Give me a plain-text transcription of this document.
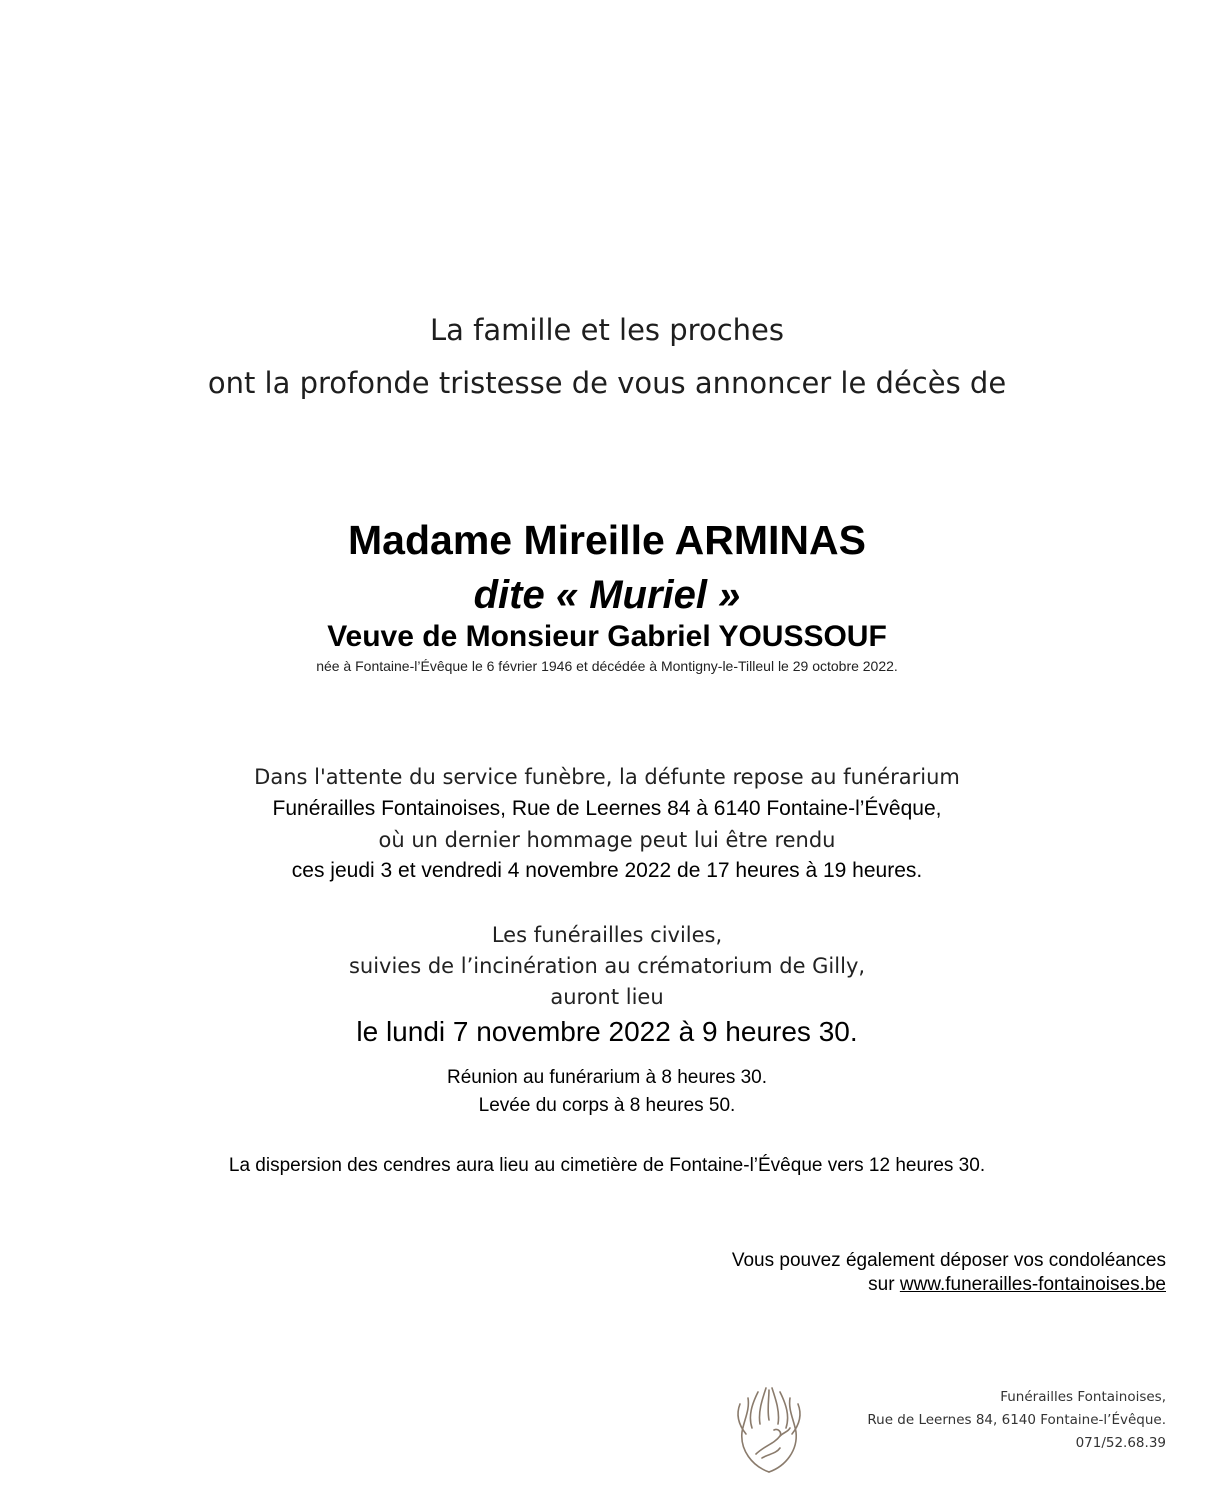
La famille et les proches
ont la profonde tristesse de vous annoncer le décès de
Madame Mireille ARMINAS
dite « Muriel »
Veuve de Monsieur Gabriel YOUSSOUF
née à Fontaine-l’Évêque le 6 février 1946 et décédée à Montigny-le-Tilleul le 29 octobre 2022.
Dans l'attente du service funèbre, la défunte repose au funérarium
Funérailles Fontainoises, Rue de Leernes 84 à 6140 Fontaine-l’Évêque,
où un dernier hommage peut lui être rendu
ces jeudi 3 et vendredi 4 novembre 2022 de 17 heures à 19 heures.
Les funérailles civiles,
suivies de l’incinération au crématorium de Gilly,
auront lieu
le lundi 7 novembre 2022 à 9 heures 30.
Réunion au funérarium à 8 heures 30.
Levée du corps à 8 heures 50.
La dispersion des cendres aura lieu au cimetière de Fontaine-l’Évêque vers 12 heures 30.
Vous pouvez également déposer vos condoléances
sur www.funerailles-fontainoises.be
Funérailles Fontainoises,
Rue de Leernes 84, 6140 Fontaine-l’Évêque.
071/52.68.39
